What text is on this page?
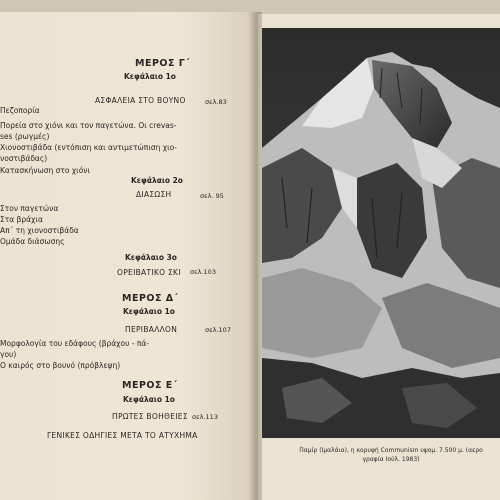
ΜΕΡΟΣ Γ΄
Κεφάλαιο 1ο
ΑΣΦΑΛΕΙΑ ΣΤΟ ΒΟΥΝΟ	σελ.83
Πεζοπορία
Πορεία στο χιόνι και τον παγετώνα. Οι crevas-
ses (ρωγμές)
Χιονοστιβάδα (εντόπιση και αντιμετώπιση χιο-
νοστιβάδας)
Κατασκήνωση στο χιόνι
Κεφάλαιο 2ο
ΔΙΑΣΩΣΗ	σελ. 95
Στον παγετώνα
Στα βράχια
Απ΄ τη χιονοστιβάδα
Ομάδα διάσωσης
Κεφάλαιο 3ο
ΟΡΕΙΒΑΤΙΚΟ ΣΚΙ σελ.103
ΜΕΡΟΣ Δ΄
Κεφάλαιο 1ο
ΠΕΡΙΒΑΛΛΟΝ	σελ.107
Μορφολογία του εδάφους (βράχου - πά-
γου)
Ο καιρός στο βουνό (πρόβλεψη)
ΜΕΡΟΣ Ε΄
Κεφάλαιο 1ο
ΠΡΩΤΕΣ ΒΟΗΘΕΙΕΣ σελ.113
ΓΕΝΙΚΕΣ ΟΔΗΓΙΕΣ ΜΕΤΑ ΤΟ ΑΤΥΧΗΜΑ
Παμίρ (Ιμαλάια), η κορυφή Communism υψομ. 7.500 μ. (αερο
γραφία Ιούλ. 1983)
